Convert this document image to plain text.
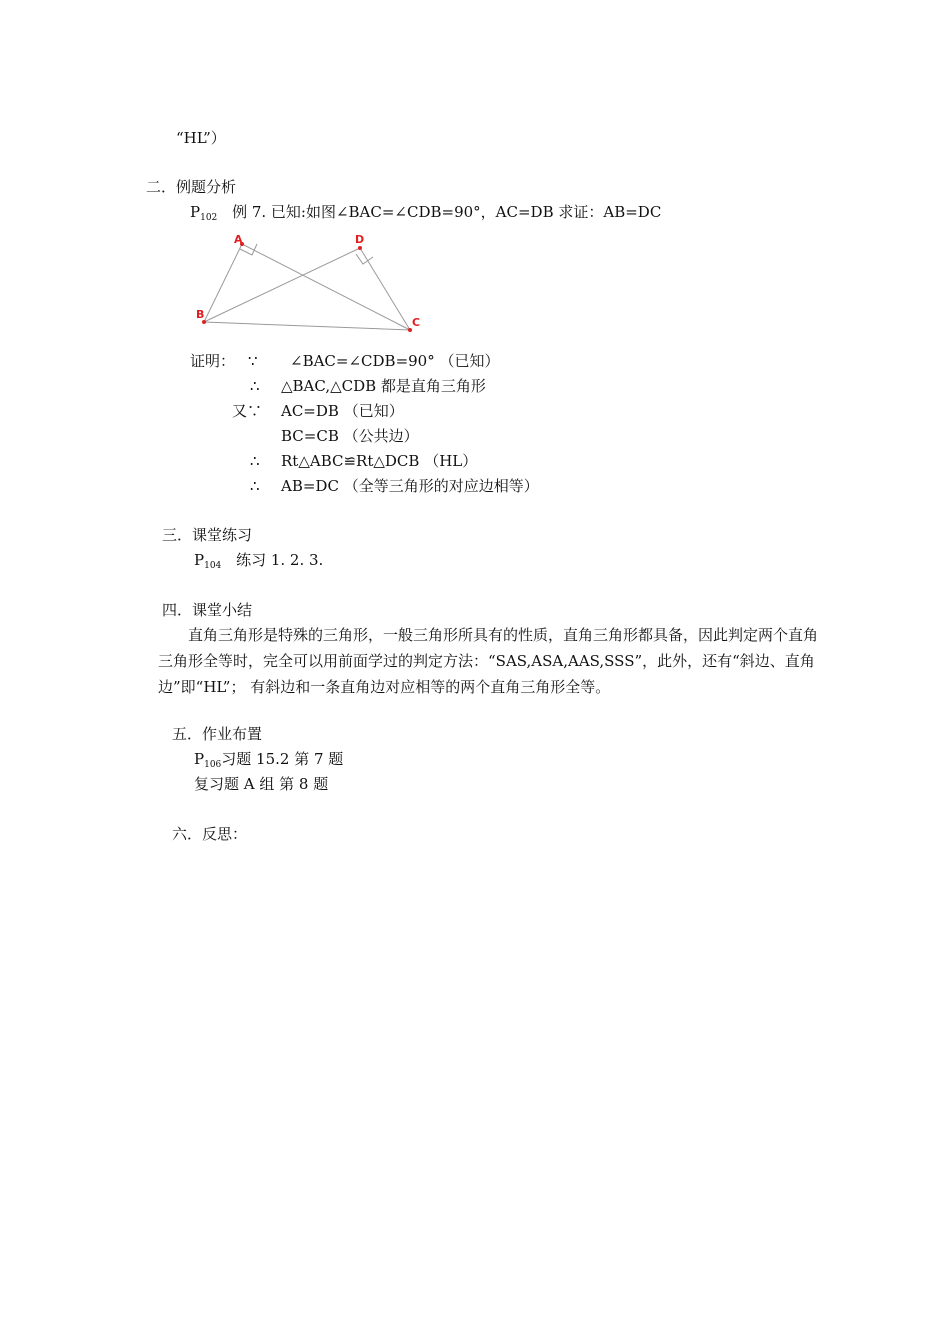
“HL”）
二．例题分析
$P_{102}$ 例 7. 已知:如图∠BAC=∠CDB=90°，AC=DB 求证：AB=DC
A	D
B
C
证明： ∵ ∠BAC=∠CDB=90° （已知）
∴ △BAC,△CDB 都是直角三角形
又∵ AC=DB （已知）
BC=CB （公共边）
∴ Rt△ABC≌Rt△DCB （HL）
∴ AB=DC （全等三角形的对应边相等）
三．课堂练习
$P_{104}$ 练习 1. 2. 3.
四．课堂小结
直角三角形是特殊的三角形，一般三角形所具有的性质，直角三角形都具备，因此判定两个直角三角形全等时，完全可以用前面学过的判定方法：“SAS,ASA,AAS,SSS”，此外，还有“斜边、直角边”即“HL”； 有斜边和一条直角边对应相等的两个直角三角形全等。
五．作业布置
$P_{106}$习题 15.2 第 7 题
复习题 A 组 第 8 题
六．反思：
